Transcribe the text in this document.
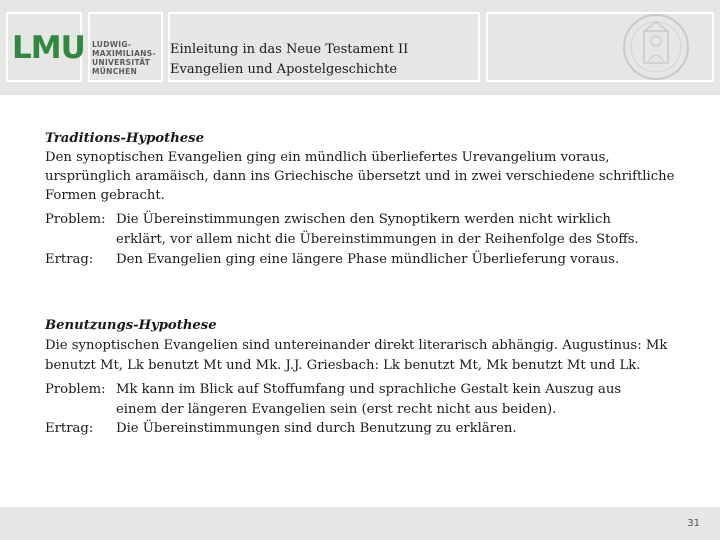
LMU LUDWIG-
MAXIMILIANS-
UNIVERSITÄT
MÜNCHEN
Einleitung in das Neue Testament II
Evangelien und Apostelgeschichte
Traditions-Hypothese
Den synoptischen Evangelien ging ein mündlich überliefertes Urevangelium voraus,
ursprünglich aramäisch, dann ins Griechische übersetzt und in zwei verschiedene schriftliche
Formen gebracht.
Problem: Die Übereinstimmungen zwischen den Synoptikern werden nicht wirklich
erklärt, vor allem nicht die Übereinstimmungen in der Reihenfolge des Stoffs.
Ertrag: Den Evangelien ging eine längere Phase mündlicher Überlieferung voraus.
Benutzungs-Hypothese
Die synoptischen Evangelien sind untereinander direkt literarisch abhängig. Augustinus: Mk
benutzt Mt, Lk benutzt Mt und Mk. J.J. Griesbach: Lk benutzt Mt, Mk benutzt Mt und Lk.
Problem: Mk kann im Blick auf Stoffumfang und sprachliche Gestalt kein Auszug aus
einem der längeren Evangelien sein (erst recht nicht aus beiden).
Ertrag: Die Übereinstimmungen sind durch Benutzung zu erklären.
31
